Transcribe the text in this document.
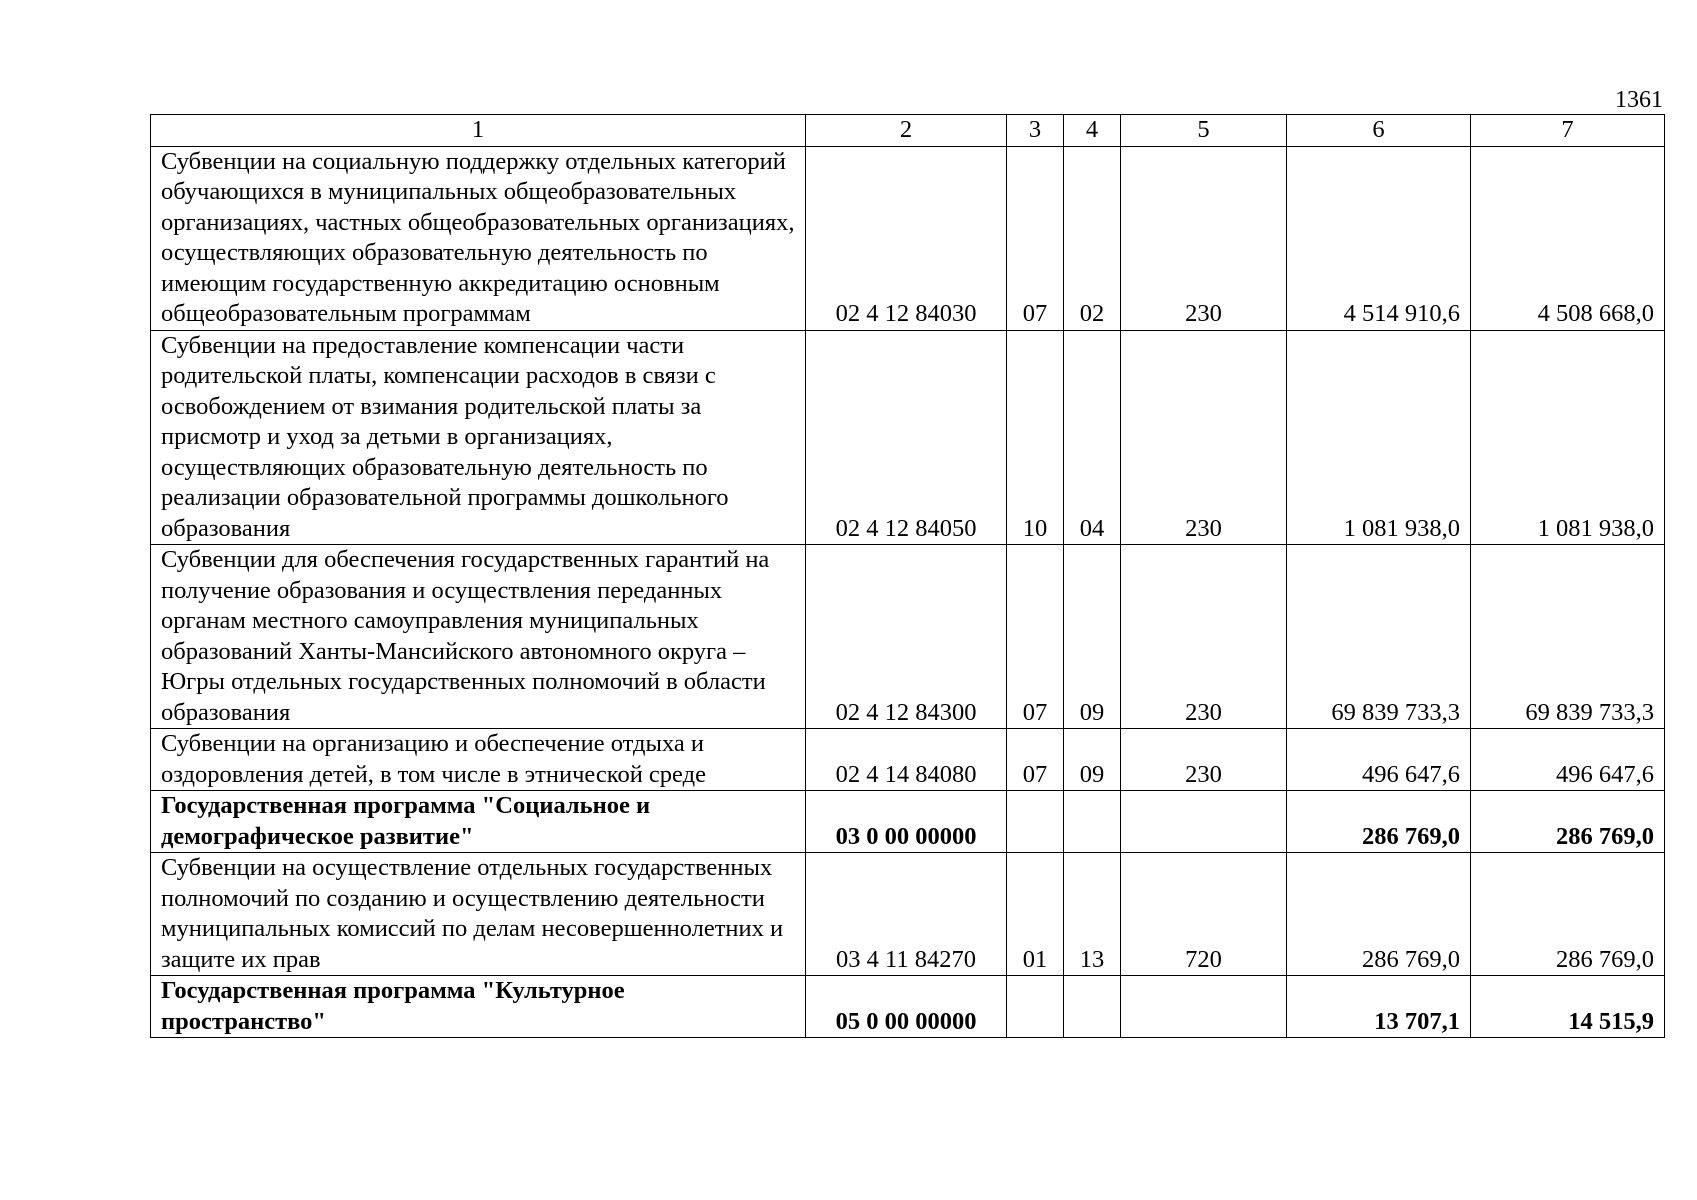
1361
1	2	3	4	5	6	7
Субвенции на социальную поддержку отдельных категорий обучающихся в муниципальных общеобразовательных организациях, частных общеобразовательных организациях, осуществляющих образовательную деятельность по имеющим государственную аккредитацию основным общеобразовательным программам	02 4 12 84030	07	02	230	4 514 910,6	4 508 668,0
Субвенции на предоставление компенсации части родительской платы, компенсации расходов в связи с освобождением от взимания родительской платы за присмотр и уход за детьми в организациях, осуществляющих образовательную деятельность по реализации образовательной программы дошкольного образования	02 4 12 84050	10	04	230	1 081 938,0	1 081 938,0
Субвенции для обеспечения государственных гарантий на получение образования и осуществления переданных органам местного самоуправления муниципальных образований Ханты-Мансийского автономного округа – Югры отдельных государственных полномочий в области образования	02 4 12 84300	07	09	230	69 839 733,3	69 839 733,3
Субвенции на организацию и обеспечение отдыха и оздоровления детей, в том числе в этнической среде	02 4 14 84080	07	09	230	496 647,6	496 647,6
Государственная программа "Социальное и демографическое развитие"	03 0 00 00000				286 769,0	286 769,0
Субвенции на осуществление отдельных государственных полномочий по созданию и осуществлению деятельности муниципальных комиссий по делам несовершеннолетних и защите их прав	03 4 11 84270	01	13	720	286 769,0	286 769,0
Государственная программа "Культурное пространство"	05 0 00 00000				13 707,1	14 515,9
